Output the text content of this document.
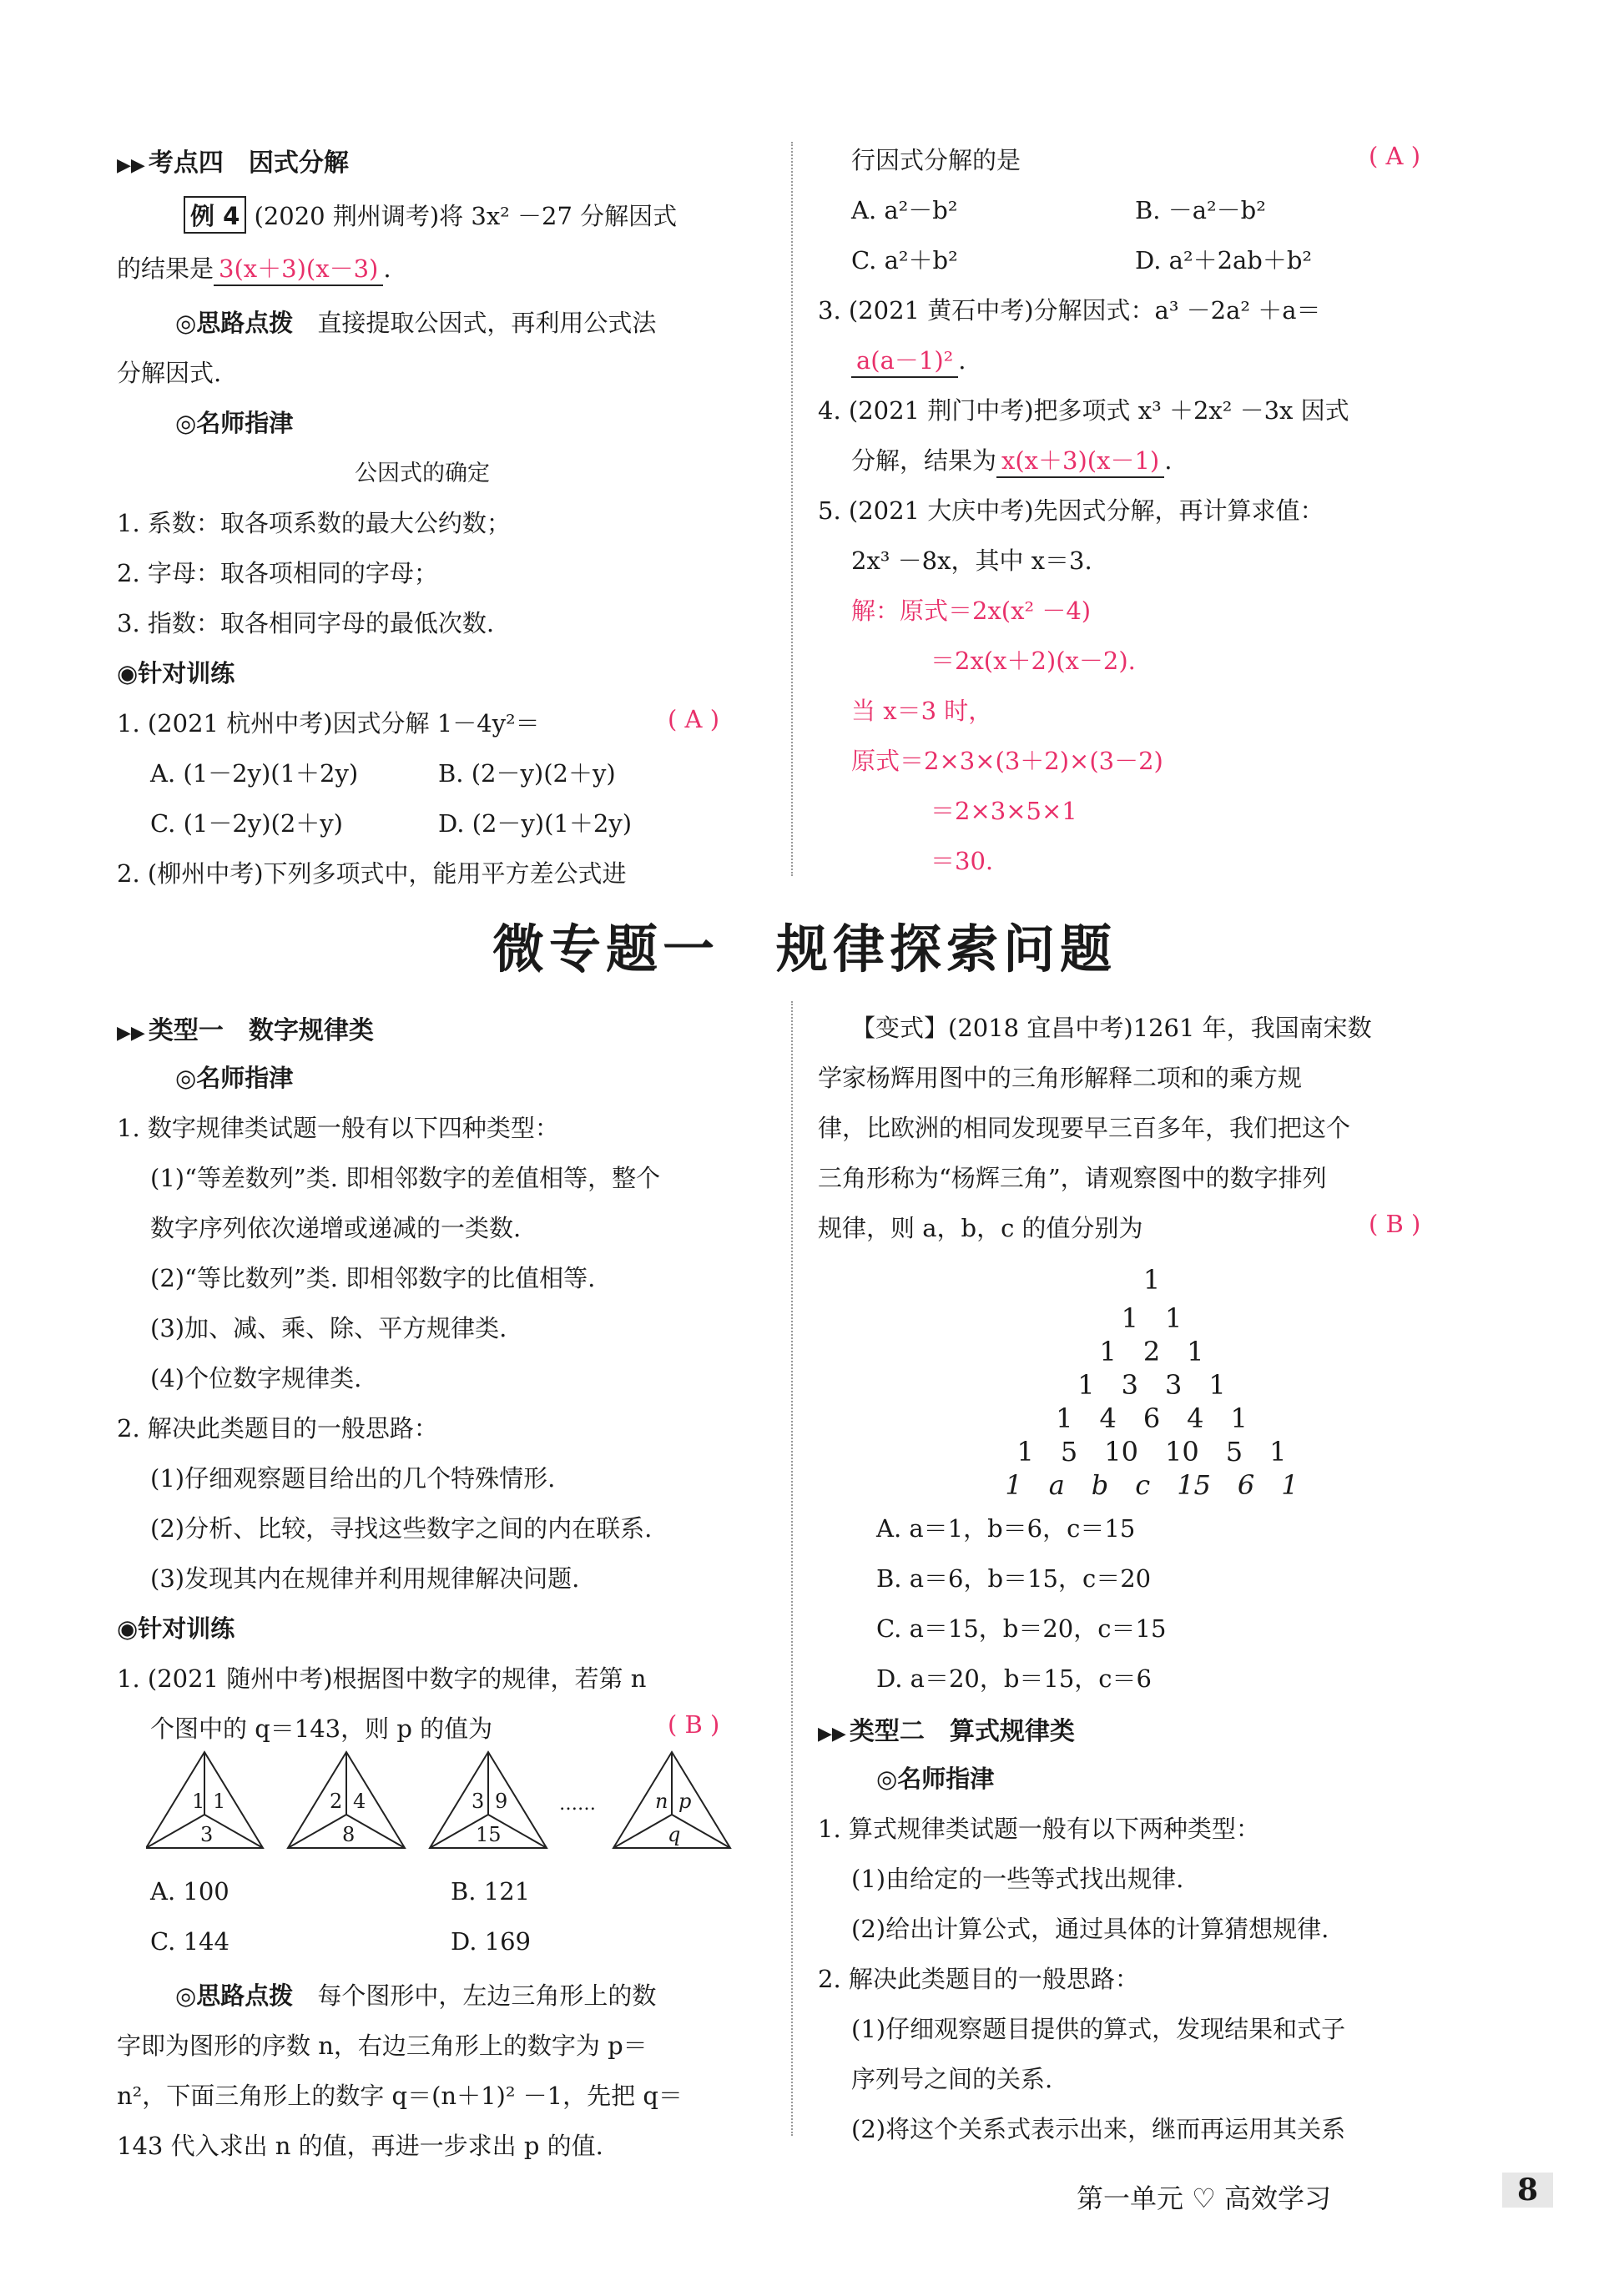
▶▶ 考点四　因式分解
例 4 (2020 荆州调考)将 3x² －27 分解因式
的结果是 3(x＋3)(x－3) .
◎思路点拨　 直接提取公因式，再利用公式法
分解因式.
◎名师指津
公因式的确定
1. 系数：取各项系数的最大公约数；
2. 字母：取各项相同的字母；
3. 指数：取各相同字母的最低次数.
◉针对训练
1. (2021 杭州中考)因式分解 1－4y²＝	( A )
A. (1－2y)(1＋2y)	B. (2－y)(2＋y)
C. (1－2y)(2＋y)	D. (2－y)(1＋2y)
2. (柳州中考)下列多项式中，能用平方差公式进
行因式分解的是	( A )
A. a²－b²	B. －a²－b²
C. a²＋b²	D. a²＋2ab＋b²
3. (2021 黄石中考)分解因式：a³ －2a² ＋a＝
a(a－1)² .
4. (2021 荆门中考)把多项式 x³ ＋2x² －3x 因式
分解，结果为 x(x＋3)(x－1) .
5. (2021 大庆中考)先因式分解，再计算求值：
2x³ －8x，其中 x＝3.
解：原式＝2x(x² －4)
＝2x(x＋2)(x－2).
当 x＝3 时，
原式＝2×3×(3＋2)×(3－2)
＝2×3×5×1
＝30.
微专题一　规律探索问题
▶▶ 类型一　数字规律类
◎名师指津
1. 数字规律类试题一般有以下四种类型：
(1)“等差数列”类. 即相邻数字的差值相等，整个
数字序列依次递增或递减的一类数.
(2)“等比数列”类. 即相邻数字的比值相等.
(3)加、减、乘、除、平方规律类.
(4)个位数字规律类.
2. 解决此类题目的一般思路：
(1)仔细观察题目给出的几个特殊情形.
(2)分析、比较，寻找这些数字之间的内在联系.
(3)发现其内在规律并利用规律解决问题.
◉针对训练
1. (2021 随州中考)根据图中数字的规律，若第 n
个图中的 q＝143，则 p 的值为	( B )
1 1
3
2 4
8
3 9
15
……	n p
q
A. 100	B. 121
C. 144	D. 169
◎思路点拨　 每个图形中，左边三角形上的数
字即为图形的序数 n，右边三角形上的数字为 p＝
n²，下面三角形上的数字 q＝(n＋1)² －1，先把 q＝
143 代入求出 n 的值，再进一步求出 p 的值.
【变式】(2018 宜昌中考)1261 年，我国南宋数
学家杨辉用图中的三角形解释二项和的乘方规
律，比欧洲的相同发现要早三百多年，我们把这个
三角形称为“杨辉三角”，请观察图中的数字排列
规律，则 a，b，c 的值分别为	( B )
1
1　1
1　2　1
1　3　3　1
1　4　6　4　1
1　5　10　10　5　1
1　a　b　c　15　6　1
A. a＝1，b＝6，c＝15
B. a＝6，b＝15，c＝20
C. a＝15，b＝20，c＝15
D. a＝20，b＝15，c＝6
▶▶ 类型二　算式规律类
◎名师指津
1. 算式规律类试题一般有以下两种类型：
(1)由给定的一些等式找出规律.
(2)给出计算公式，通过具体的计算猜想规律.
2. 解决此类题目的一般思路：
(1)仔细观察题目提供的算式，发现结果和式子
序列号之间的关系.
(2)将这个关系式表示出来，继而再运用其关系
第一单元 ♡ 高效学习	8
